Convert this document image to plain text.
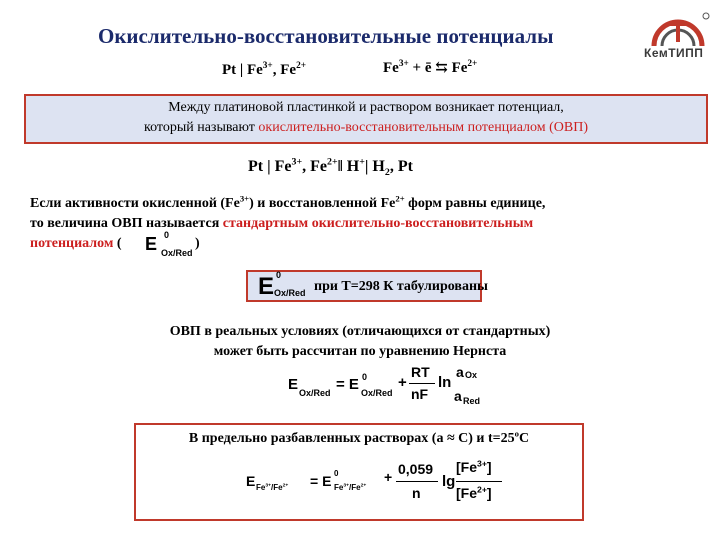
Окислительно-восстановительные потенциалы
КемТИПП
Pt | $Fe^{3+}$, $Fe^{2+}$	$Fe^{3+}$ + ē ⇆ $Fe^{2+}$
Между платиновой пластинкой и раствором возникает потенциал,
который называют окислительно-восстановительным потенциалом (ОВП)
Pt | $Fe^{3+}$, $Fe^{2+}‖$ H+| $H_2$, Pt
Если активности окисленной $(Fe^{3+})$ и восстановленной $Fe^{2+}$ форм равны единице,
то величина ОВП называется стандартным окислительно-восстановительным
потенциалом ( E 0
Ox/Red
)
E 0
Ox/Red при Т=298 К табулированы
ОВП в реальных условиях (отличающихся от стандартных)
может быть рассчитан по уравнению Нернста
E Ox/Red = E 0
Ox/Red
+
RT
nF
ln
a Ox
a Red
В предельно разбавленных растворах (a ≈ C) и $t=25^oC$
E $Fe^{3+}/Fe^{2+} = E$ 0
$Fe^{3+}/Fe^{2+}$
+ 0,059
n
lg
$[Fe^{3+}]$
$[Fe^{2+}]$
